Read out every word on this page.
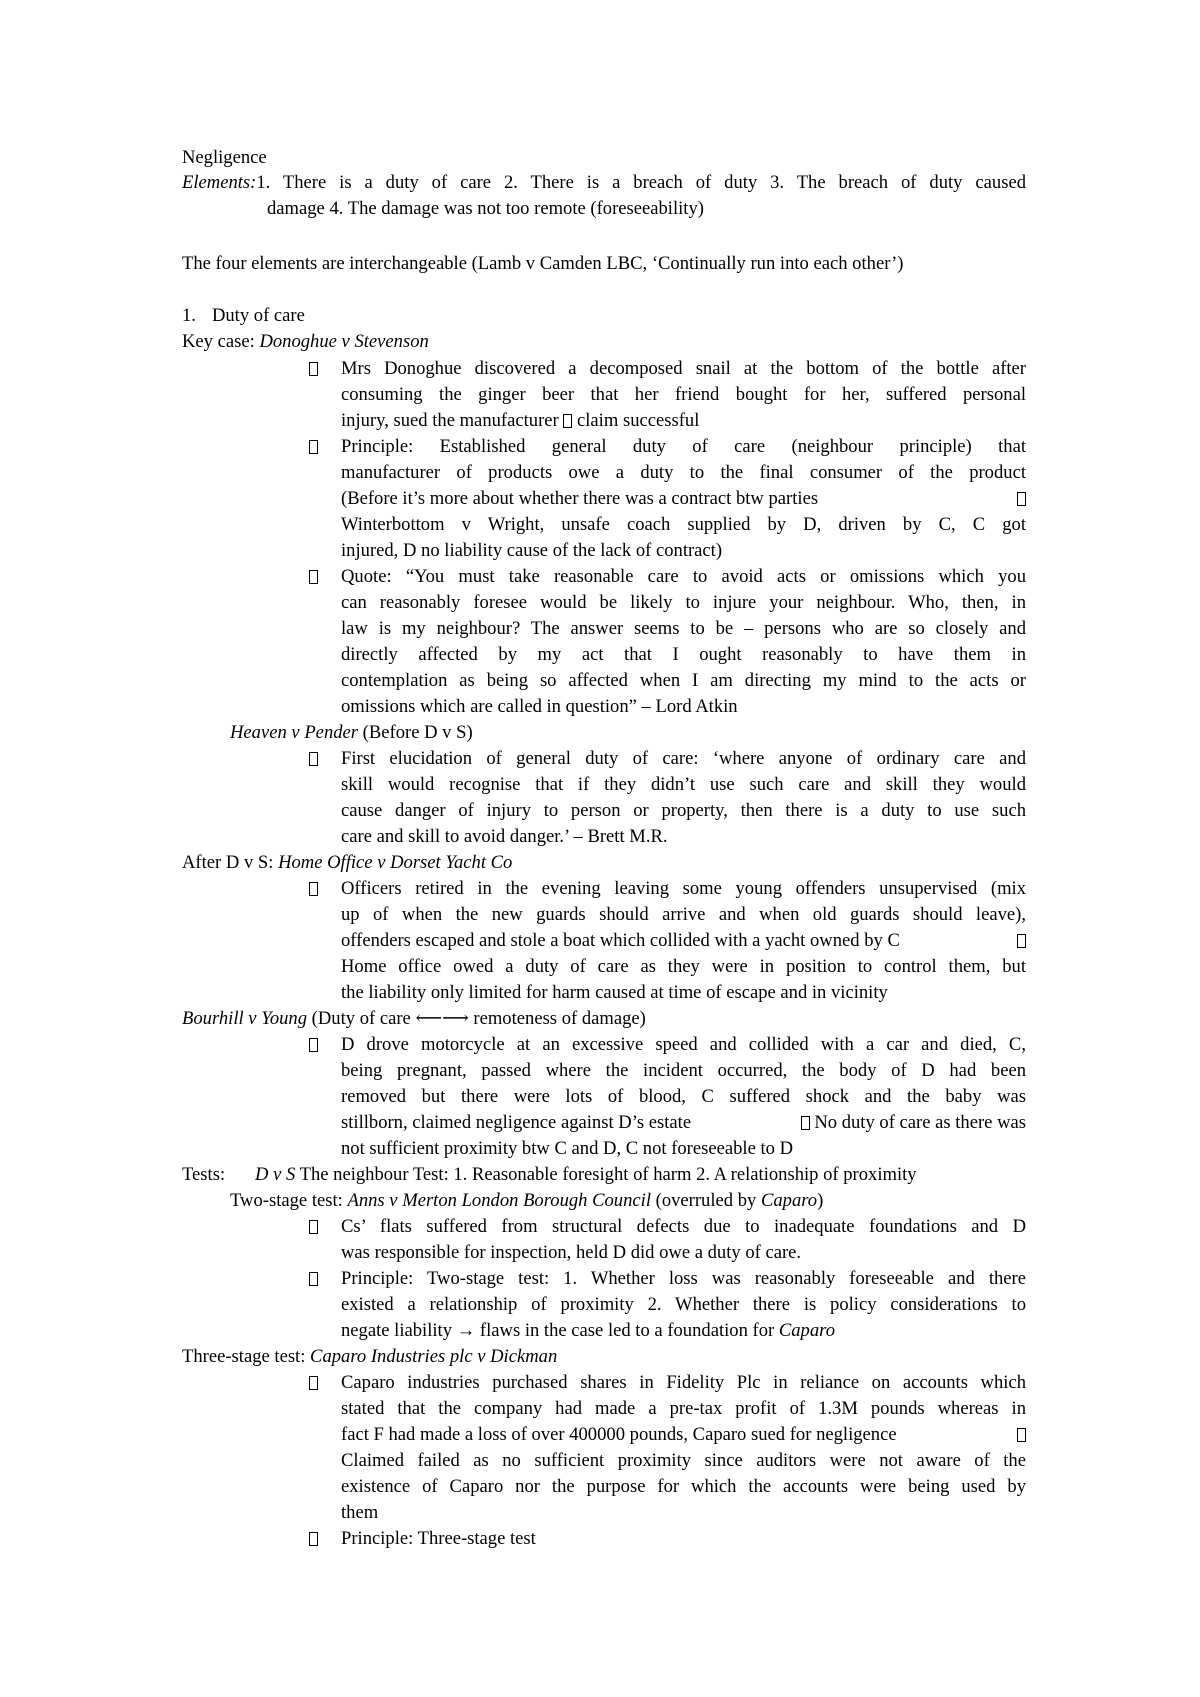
Negligence
Elements:1. There is a duty of care 2. There is a breach of duty 3. The breach of duty caused
damage 4. The damage was not too remote (foreseeability)
The four elements are interchangeable (Lamb v Camden LBC, ‘Continually run into each other’)
1. Duty of care
Key case: Donoghue v Stevenson
Mrs Donoghue discovered a decomposed snail at the bottom of the bottle after
consuming the ginger beer that her friend bought for her, suffered personal
injury, sued the manufacturer  claim successful
Principle: Established general duty of care (neighbour principle) that
manufacturer of products owe a duty to the final consumer of the product
(Before it’s more about whether there was a contract btw parties
Winterbottom v Wright, unsafe coach supplied by D, driven by C, C got
injured, D no liability cause of the lack of contract)
Quote: “You must take reasonable care to avoid acts or omissions which you
can reasonably foresee would be likely to injure your neighbour. Who, then, in
law is my neighbour? The answer seems to be – persons who are so closely and
directly affected by my act that I ought reasonably to have them in
contemplation as being so affected when I am directing my mind to the acts or
omissions which are called in question” – Lord Atkin
Heaven v Pender (Before D v S)
First elucidation of general duty of care: ‘where anyone of ordinary care and
skill would recognise that if they didn’t use such care and skill they would
cause danger of injury to person or property, then there is a duty to use such
care and skill to avoid danger.’ – Brett M.R.
After D v S: Home Office v Dorset Yacht Co
Officers retired in the evening leaving some young offenders unsupervised (mix
up of when the new guards should arrive and when old guards should leave),
offenders escaped and stole a boat which collided with a yacht owned by C
Home office owed a duty of care as they were in position to control them, but
the liability only limited for harm caused at time of escape and in vicinity
Bourhill v Young (Duty of care ⟵⟶ remoteness of damage)
D drove motorcycle at an excessive speed and collided with a car and died, C,
being pregnant, passed where the incident occurred, the body of D had been
removed but there were lots of blood, C suffered shock and the baby was
stillborn, claimed negligence against D’s estate	No duty of care as there was
not sufficient proximity btw C and D, C not foreseeable to D
Tests: D v S The neighbour Test: 1. Reasonable foresight of harm 2. A relationship of proximity
Two-stage test: Anns v Merton London Borough Council (overruled by Caparo)
Cs’ flats suffered from structural defects due to inadequate foundations and D
was responsible for inspection, held D did owe a duty of care.
Principle: Two-stage test: 1. Whether loss was reasonably foreseeable and there
existed a relationship of proximity 2. Whether there is policy considerations to
negate liability → flaws in the case led to a foundation for Caparo
Three-stage test: Caparo Industries plc v Dickman
Caparo industries purchased shares in Fidelity Plc in reliance on accounts which
stated that the company had made a pre-tax profit of 1.3M pounds whereas in
fact F had made a loss of over 400000 pounds, Caparo sued for negligence
Claimed failed as no sufficient proximity since auditors were not aware of the
existence of Caparo nor the purpose for which the accounts were being used by
them
Principle: Three-stage test
